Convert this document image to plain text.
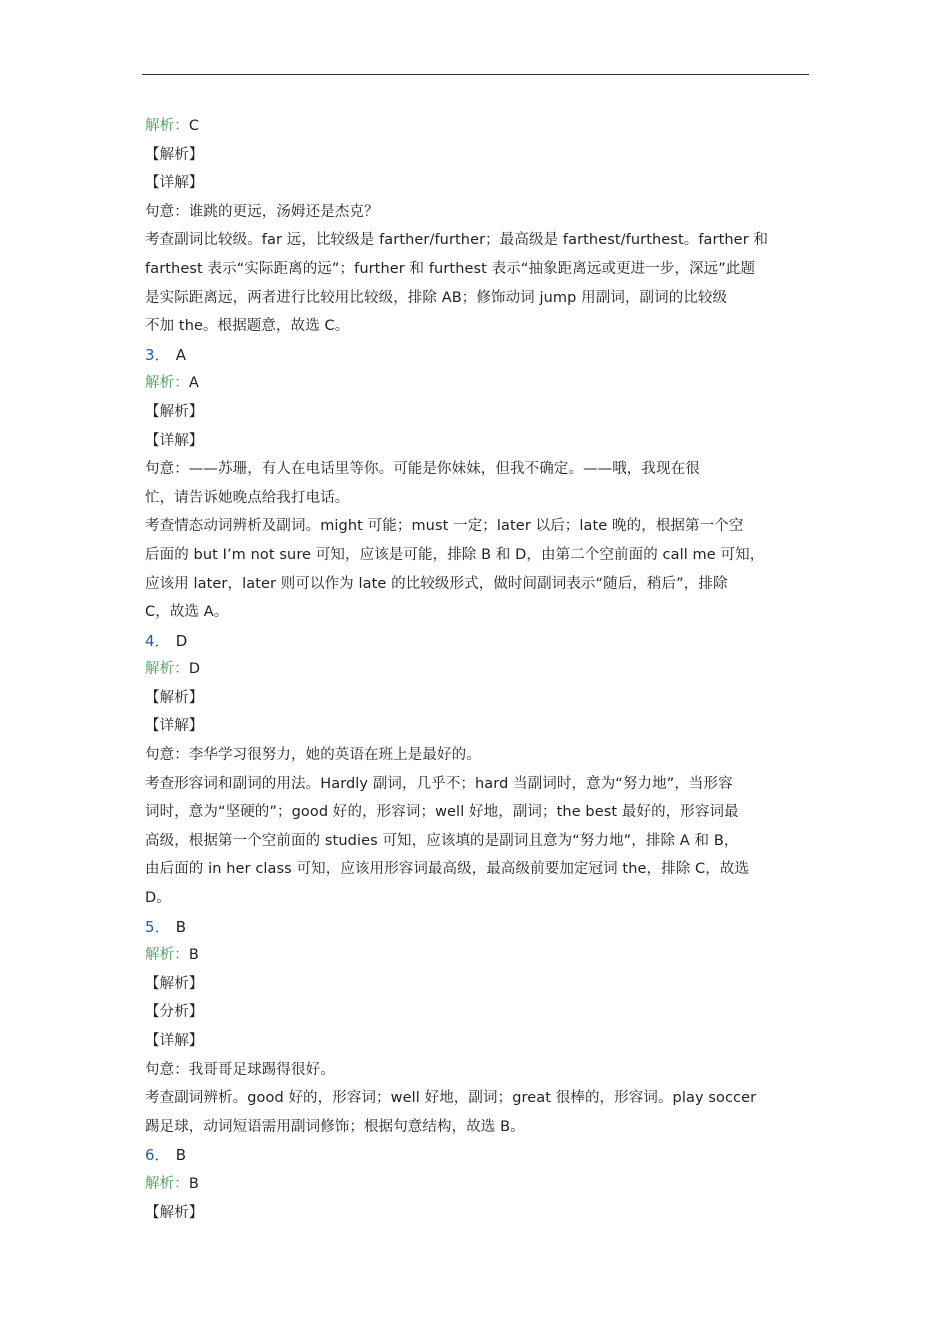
解析：C
【解析】
【详解】
句意：谁跳的更远，汤姆还是杰克？
考查副词比较级。far 远，比较级是 farther/further；最高级是 farthest/furthest。farther 和
farthest 表示“实际距离的远”；further 和 furthest 表示“抽象距离远或更进一步，深远”此题
是实际距离远，两者进行比较用比较级，排除 AB；修饰动词 jump 用副词，副词的比较级
不加 the。根据题意，故选 C。
3． A
解析：A
【解析】
【详解】
句意：——苏珊，有人在电话里等你。可能是你妹妹，但我不确定。——哦，我现在很
忙，请告诉她晚点给我打电话。
考查情态动词辨析及副词。might 可能；must 一定；later 以后；late 晚的，根据第一个空
后面的 but I’m not sure 可知，应该是可能，排除 B 和 D，由第二个空前面的 call me 可知，
应该用 later，later 则可以作为 late 的比较级形式，做时间副词表示“随后，稍后”，排除
C，故选 A。
4． D
解析：D
【解析】
【详解】
句意：李华学习很努力，她的英语在班上是最好的。
考查形容词和副词的用法。Hardly 副词，几乎不；hard 当副词时，意为“努力地”，当形容
词时，意为“坚硬的”；good 好的，形容词；well 好地，副词；the best 最好的，形容词最
高级，根据第一个空前面的 studies 可知，应该填的是副词且意为“努力地”，排除 A 和 B，
由后面的 in her class 可知，应该用形容词最高级，最高级前要加定冠词 the，排除 C，故选
D。
5． B
解析：B
【解析】
【分析】
【详解】
句意：我哥哥足球踢得很好。
考查副词辨析。good 好的，形容词；well 好地，副词；great 很棒的，形容词。play soccer
踢足球，动词短语需用副词修饰；根据句意结构，故选 B。
6． B
解析：B
【解析】
